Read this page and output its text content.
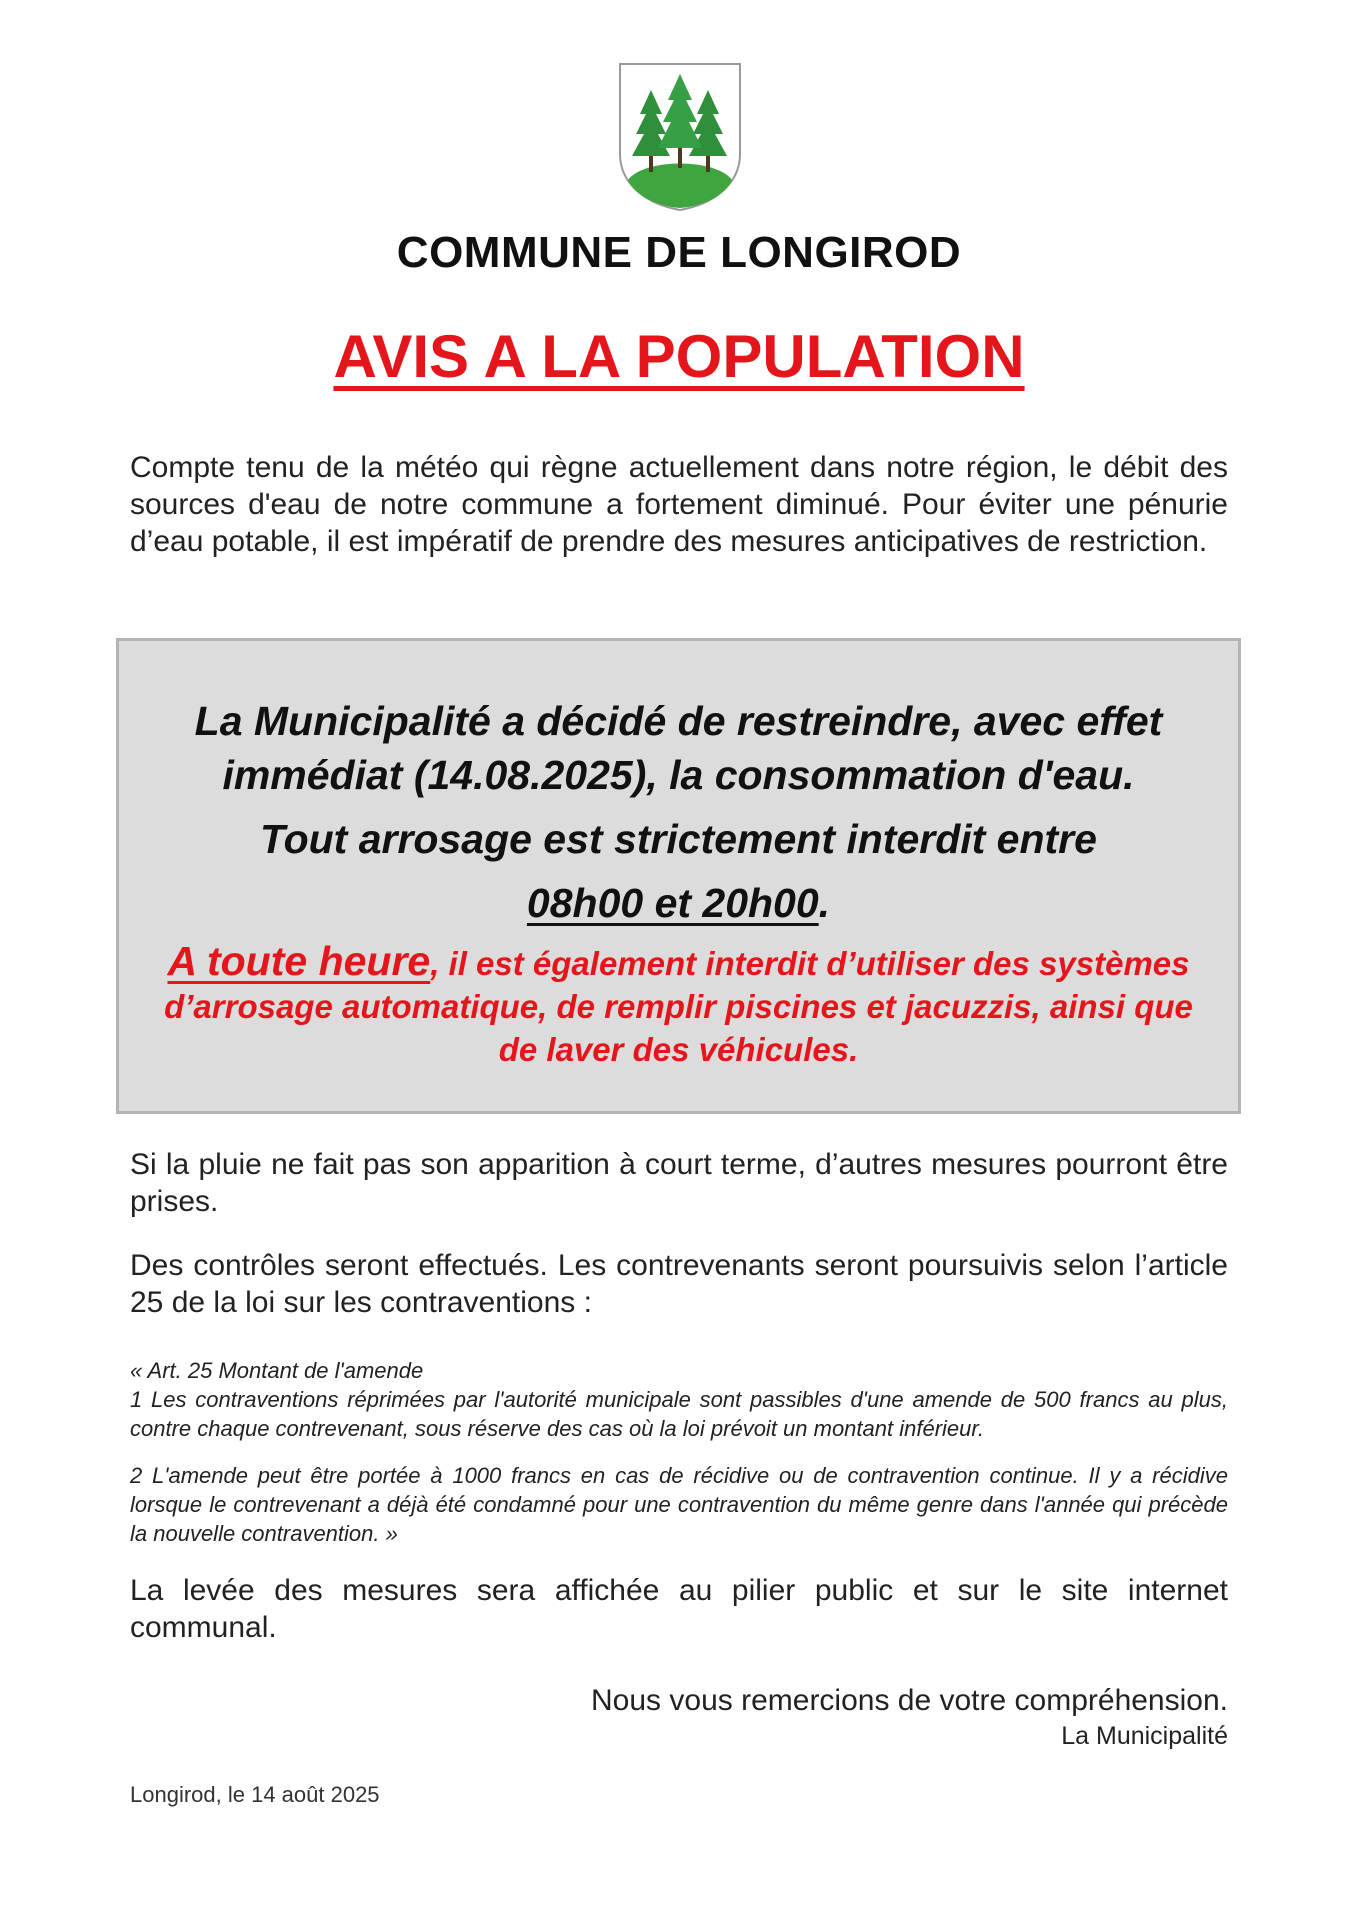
COMMUNE DE LONGIROD
AVIS A LA POPULATION
Compte tenu de la météo qui règne actuellement dans notre région, le débit des sources d'eau de notre commune a fortement diminué. Pour éviter une pénurie d’eau potable, il est impératif de prendre des mesures anticipatives de restriction.
La Municipalité a décidé de restreindre, avec effet
immédiat (14.08.2025), la consommation d'eau.
Tout arrosage est strictement interdit entre
08h00 et 20h00.
A toute heure, il est également interdit d’utiliser des systèmes d’arrosage automatique, de remplir piscines et jacuzzis, ainsi que de laver des véhicules.
Si la pluie ne fait pas son apparition à court terme, d’autres mesures pourront être prises.
Des contrôles seront effectués. Les contrevenants seront poursuivis selon l’article 25 de la loi sur les contraventions :
« Art. 25 Montant de l'amende
1 Les contraventions réprimées par l'autorité municipale sont passibles d'une amende de 500 francs au plus, contre chaque contrevenant, sous réserve des cas où la loi prévoit un montant inférieur.
2 L'amende peut être portée à 1000 francs en cas de récidive ou de contravention continue. Il y a récidive lorsque le contrevenant a déjà été condamné pour une contravention du même genre dans l'année qui précède la nouvelle contravention. »
La levée des mesures sera affichée au pilier public et sur le site internet communal.
Nous vous remercions de votre compréhension.
La Municipalité
Longirod, le 14 août 2025
